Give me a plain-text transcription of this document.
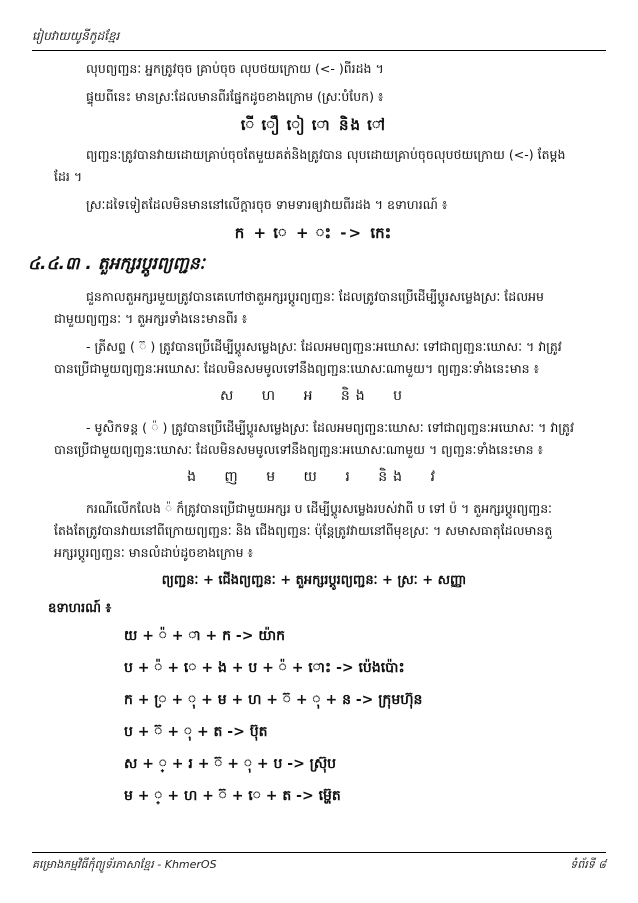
រៀបវាយយូនីកូដខ្មែរ

លុបព្យញ្ជនៈ អ្នកត្រូវចុច គ្រាប់ចុច លុបថយក្រោយ (<- )ពីរដង ។

ផ្ទុយពីនេះ មានស្រៈដែលមានពីរផ្នែកដូចខាងក្រោម (ស្រៈបំបែក) ៖

ើ ឿ ៀ ោ និង ៅ

ព្យញ្ជនៈត្រូវបានវាយដោយគ្រាប់ចុចតែមួយគត់និងត្រូវបាន លុបដោយគ្រាប់ចុចលុបថយក្រោយ (<-) តែម្តងដែរ ។

ស្រៈដទៃទៀតដែលមិនមាននៅលើក្តារចុច ទាមទារឲ្យវាយពីរដង ។ ឧទាហរណ៍ ៖

ក + េ + ះ -> កេះ

៤.៤.៣ . តួអក្សរប្តូរព្យញ្ជនៈ

ជួនកាលតួអក្សរមួយត្រូវបានគេហៅថាតួអក្សរប្តូរព្យញ្ជនៈ ដែលត្រូវបានប្រើដើម្បីប្តូរសម្លេងស្រៈ ដែលអមជាមួយព្យញ្ជនៈ ។ តួអក្សរទាំងនេះមានពីរ ៖

- ត្រីសព្ទ ( ៊ ) ត្រូវបានប្រើដើម្បីប្តូរសម្លេងស្រៈ ដែលអមព្យញ្ជនៈអឃោសៈ ទៅជាព្យញ្ជនៈឃោសៈ ។ វាត្រូវបានប្រើជាមួយព្យញ្ជនៈអឃោសៈ ដែលមិនសមមូលទៅនឹងព្យញ្ជនៈឃោសៈណាមួយ។ ព្យញ្ជនៈទាំងនេះមាន ៖

ស ហ អ និង ប

- មូសិកទន្ត ( ៉ ) ត្រូវបានប្រើដើម្បីប្តូរសម្លេងស្រៈ ដែលអមព្យញ្ជនៈឃោសៈ ទៅជាព្យញ្ជនៈអឃោសៈ ។ វាត្រូវបានប្រើជាមួយព្យញ្ជនៈឃោសៈ ដែលមិនសមមូលទៅនឹងព្យញ្ជនៈអឃោសៈណាមួយ ។ ព្យញ្ជនៈទាំងនេះមាន ៖

ង ញ ម យ រ និង វ

ករណីលើកលែង ៉ ក៏ត្រូវបានប្រើជាមួយអក្សរ ប ដើម្បីប្តូរសម្លេងរបស់វាពី ប ទៅ ប៉ ។ តួអក្សរប្តូរព្យញ្ជនៈ តែងតែត្រូវបានវាយនៅពីក្រោយព្យញ្ជនៈ និង ជើងព្យញ្ជនៈ ប៉ុន្តែត្រូវវាយនៅពីមុខស្រៈ ។ សមាសធាតុដែលមានតួអក្សរប្តូរព្យញ្ជនៈ មានលំដាប់ដូចខាងក្រោម ៖

ព្យញ្ជនៈ + ជើងព្យញ្ជនៈ + តួអក្សរប្តូរព្យញ្ជនៈ + ស្រៈ + សញ្ញា

ឧទាហរណ៍ ៖

យ + ៉ + ា + ក -> យ៉ាក
ប + ៉ + េ + ង + ប + ៉ + ោះ -> ប៉េងប៉ោះ
ក + ្រ + ុ + ម + ហ + ៊ + ុ + ន -> ក្រុមហ៊ុន
ប + ៊ + ុ + ត -> ប៊ុត
ស + ្ + រ + ៊ + ុ + ប -> ស្រ៊ុប
ម + ្ + ហ + ៊ + េ + ត -> ម្ហ៊េត
គម្រោងកម្មវិធីកុំព្យូទ័រភាសាខ្មែរ - KhmerOS	ទំព័រទី ៨
